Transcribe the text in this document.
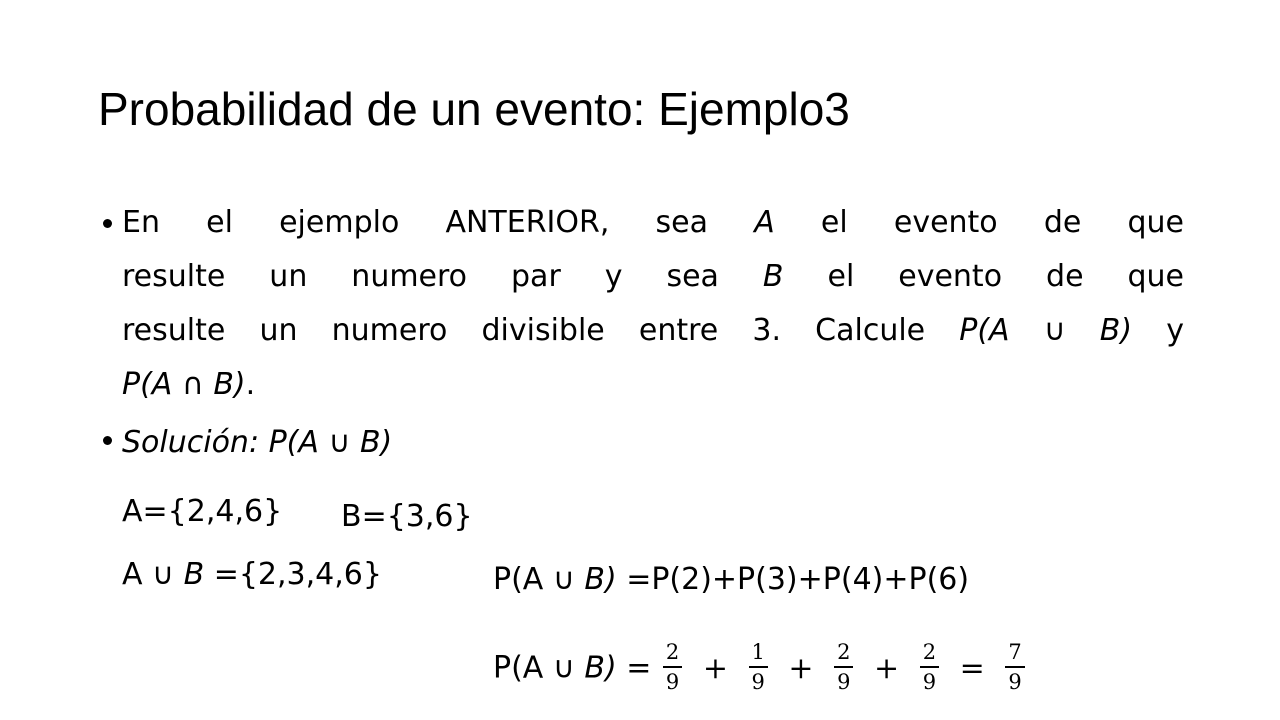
Probabilidad de un evento: Ejemplo3
En el ejemplo ANTERIOR, sea A el evento de que
resulte un numero par y sea B el evento de que
resulte un numero divisible entre 3. Calcule P(A ∪ B) y
P(A ∩ B).
Solución: P(A ∪ B)
A={2,4,6} B={3,6}
A ∪ B ={2,3,4,6}	P(A ∪ B) =P(2)+P(3)+P(4)+P(6)
P(A ∪ $B) = \frac{2}{9} + \frac{1}{9} + \frac{2}{9} + \frac{2}{9} = \frac{7}{9}$
